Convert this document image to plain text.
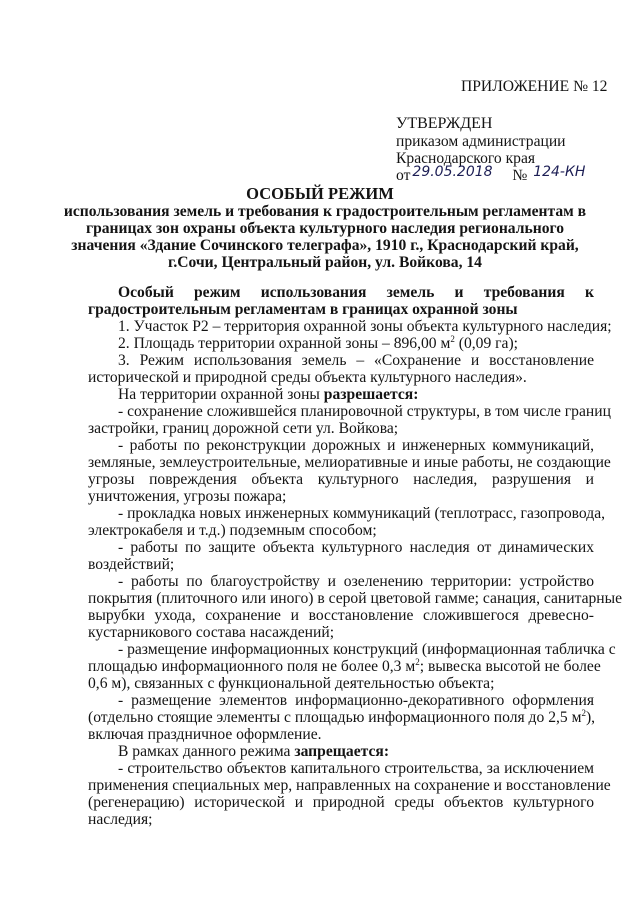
ПРИЛОЖЕНИЕ № 12
УТВЕРЖДЕН
приказом администрации
Краснодарского края
от 29.05.2018 № 124-КН
ОСОБЫЙ РЕЖИМ
использования земель и требования к градостроительным регламентам в
границах зон охраны объекта культурного наследия регионального
значения «Здание Сочинского телеграфа», 1910 г., Краснодарский край,
г.Сочи, Центральный район, ул. Войкова, 14
Особый режим использования земель и требования к
градостроительным регламентам в границах охранной зоны
1. Участок Р2 – территория охранной зоны объекта культурного наследия;
2. Площадь территории охранной зоны – 896,00 $м^2$ (0,09 га);
3. Режим использования земель – «Сохранение и восстановление
исторической и природной среды объекта культурного наследия».
На территории охранной зоны разрешается:
- сохранение сложившейся планировочной структуры, в том числе границ
застройки, границ дорожной сети ул. Войкова;
- работы по реконструкции дорожных и инженерных коммуникаций,
земляные, землеустроительные, мелиоративные и иные работы, не создающие
угрозы повреждения объекта культурного наследия, разрушения и
уничтожения, угрозы пожара;
- прокладка новых инженерных коммуникаций (теплотрасс, газопровода,
электрокабеля и т.д.) подземным способом;
- работы по защите объекта культурного наследия от динамических
воздействий;
- работы по благоустройству и озеленению территории: устройство
покрытия (плиточного или иного) в серой цветовой гамме; санация, санитарные
вырубки ухода, сохранение и восстановление сложившегося древесно-
кустарникового состава насаждений;
- размещение информационных конструкций (информационная табличка с
площадью информационного поля не более 0,3 $м^2$; вывеска высотой не более
0,6 м), связанных с функциональной деятельностью объекта;
- размещение элементов информационно-декоративного оформления
(отдельно стоящие элементы с площадью информационного поля до 2,5 $м^2$),
включая праздничное оформление.
В рамках данного режима запрещается:
- строительство объектов капитального строительства, за исключением
применения специальных мер, направленных на сохранение и восстановление
(регенерацию) исторической и природной среды объектов культурного
наследия;
